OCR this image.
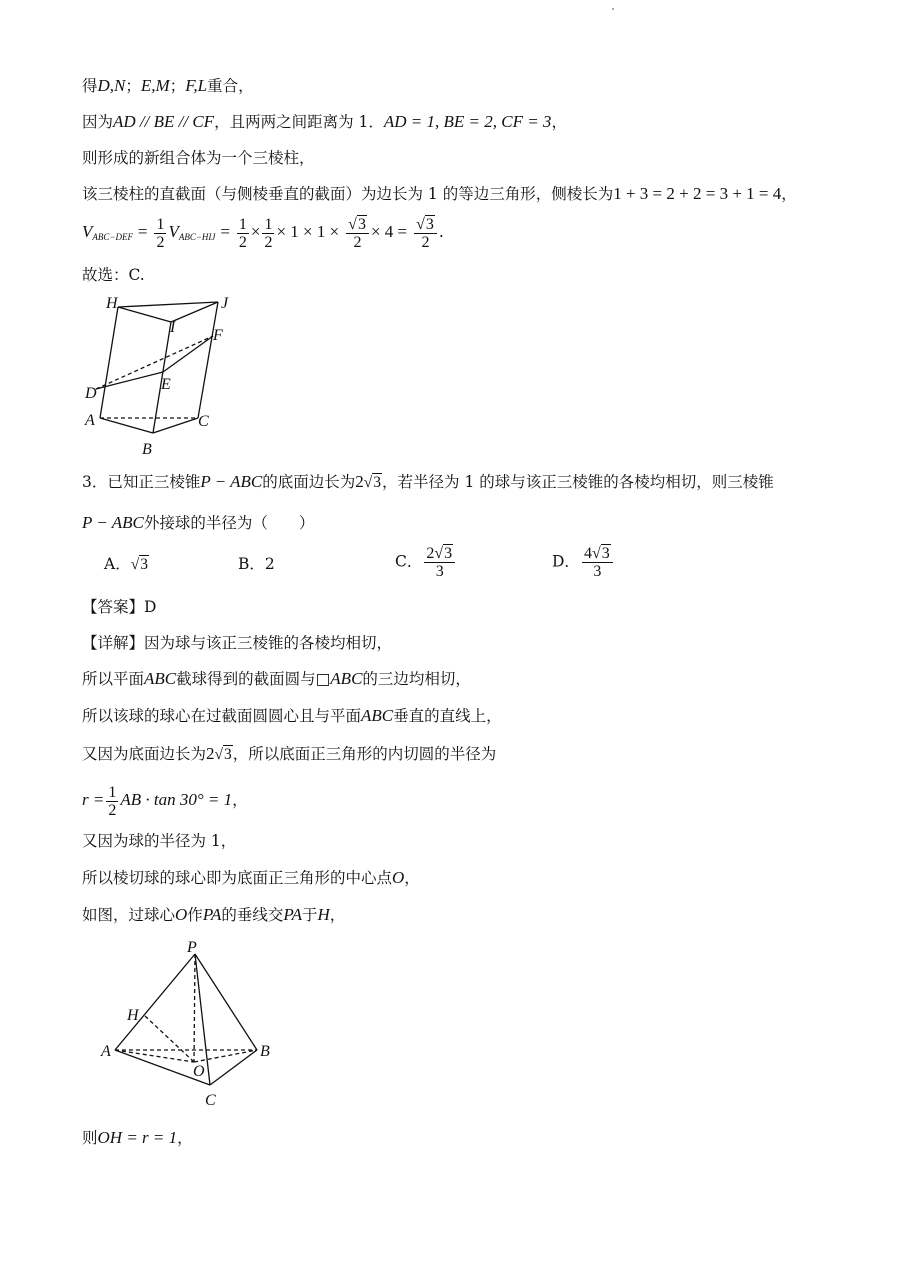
得D,N；E,M；F,L重合，
因为AD // BE // CF，且两两之间距离为 1．AD = 1, BE = 2, CF = 3，
则形成的新组合体为一个三棱柱，
该三棱柱的直截面（与侧棱垂直的截面）为边长为 1 的等边三角形，侧棱长为1 + 3 = 2 + 2 = 3 + 1 = 4，
$V_{ABC-DEF} = \frac{1}{2} V_{ABC-HIJ} = \frac{1}{2} \times \frac{1}{2} \times 1 \times 1 \times \frac{√3}{2} \times 4 = \frac{√3}{2}$ .
故选：C.
H	J
I F
D
E
A	C
B
3．已知正三棱锥P − ABC的底面边长为2√3，若半径为 1 的球与该正三棱锥的各棱均相切，则三棱锥
P − ABC外接球的半径为（　　）
A．√3	B．2	C． $\frac{2√3}{3}$	D． $\frac{4√3}{3}$
【答案】D
【详解】因为球与该正三棱锥的各棱均相切，
所以平面ABC截球得到的截面圆与□ABC的三边均相切，
所以该球的球心在过截面圆圆心且与平面ABC垂直的直线上，
又因为底面边长为2√3，所以底面正三角形的内切圆的半径为
$r = \frac{1}{2}$ AB · tan 30° = 1，
又因为球的半径为 1，
所以棱切球的球心即为底面正三角形的中心点O，
如图，过球心O作PA的垂线交PA于H，
P
H
A	B
O
C
则OH = r = 1，
